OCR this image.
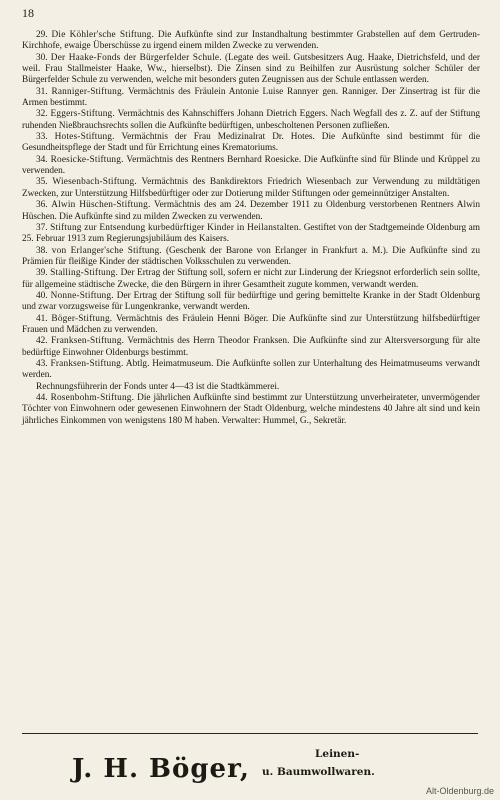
18

29. Die Köhler'sche Stiftung. Die Aufkünfte sind zur Instandhaltung bestimmter Grabstellen auf dem Gertruden-Kirchhofe, ewaige Überschüsse zu irgend einem milden Zwecke zu verwenden.

30. Der Haake-Fonds der Bürgerfelder Schule. (Legate des weil. Gutsbesitzers Aug. Haake, Dietrichsfeld, und der weil. Frau Stallmeister Haake, Ww., hierselbst). Die Zinsen sind zu Beihilfen zur Ausrüstung solcher Schüler der Bürgerfelder Schule zu verwenden, welche mit besonders guten Zeugnissen aus der Schule entlassen werden.

31. Ranniger-Stiftung. Vermächtnis des Fräulein Antonie Luise Rannyer gen. Ranniger. Der Zinsertrag ist für die Armen bestimmt.

32. Eggers-Stiftung. Vermächtnis des Kahnschiffers Johann Dietrich Eggers. Nach Wegfall des z. Z. auf der Stiftung ruhenden Nießbrauchsrechts sollen die Aufkünfte bedürftigen, unbescholtenen Personen zufließen.

33. Hotes-Stiftung. Vermächtnis der Frau Medizinalrat Dr. Hotes. Die Aufkünfte sind bestimmt für die Gesundheitspflege der Stadt und für Errichtung eines Krematoriums.

34. Roesicke-Stiftung. Vermächtnis des Rentners Bernhard Roesicke. Die Aufkünfte sind für Blinde und Krüppel zu verwenden.

35. Wiesenbach-Stiftung. Vermächtnis des Bankdirektors Friedrich Wiesenbach zur Verwendung zu mildtätigen Zwecken, zur Unterstützung Hilfsbedürftiger oder zur Dotierung milder Stiftungen oder gemeinnütziger Anstalten.

36. Alwin Hüschen-Stiftung. Vermächtnis des am 24. Dezember 1911 zu Oldenburg verstorbenen Rentners Alwin Hüschen. Die Aufkünfte sind zu milden Zwecken zu verwenden.

37. Stiftung zur Entsendung kurbedürftiger Kinder in Heilanstalten. Gestiftet von der Stadtgemeinde Oldenburg am 25. Februar 1913 zum Regierungsjubiläum des Kaisers.

38. von Erlanger'sche Stiftung. (Geschenk der Barone von Erlanger in Frankfurt a. M.). Die Aufkünfte sind zu Prämien für fleißige Kinder der städtischen Volksschulen zu verwenden.

39. Stalling-Stiftung. Der Ertrag der Stiftung soll, sofern er nicht zur Linderung der Kriegsnot erforderlich sein sollte, für allgemeine städtische Zwecke, die den Bürgern in ihrer Gesamtheit zugute kommen, verwandt werden.

40. Nonne-Stiftung. Der Ertrag der Stiftung soll für bedürftige und gering bemittelte Kranke in der Stadt Oldenburg und zwar vorzugsweise für Lungenkranke, verwandt werden.

41. Böger-Stiftung. Vermächtnis des Fräulein Henni Böger. Die Aufkünfte sind zur Unterstützung hilfsbedürftiger Frauen und Mädchen zu verwenden.

42. Franksen-Stiftung. Vermächtnis des Herrn Theodor Franksen. Die Aufkünfte sind zur Altersversorgung für alte bedürftige Einwohner Oldenburgs bestimmt.

43. Franksen-Stiftung. Abtlg. Heimatmuseum. Die Aufkünfte sollen zur Unterhaltung des Heimatmuseums verwandt werden.

Rechnungsführerin der Fonds unter 4—43 ist die Stadtkämmerei.

44. Rosenbohm-Stiftung. Die jährlichen Aufkünfte sind bestimmt zur Unterstützung unverheirateter, unvermögender Töchter von Einwohnern oder gewesenen Einwohnern der Stadt Oldenburg, welche mindestens 40 Jahre alt sind und kein jährliches Einkommen von wenigstens 180 M haben. Verwalter: Hummel, G., Sekretär.

J. H. Böger,	Leinen-
u. Baumwollwaren.
Alt-Oldenburg.de
